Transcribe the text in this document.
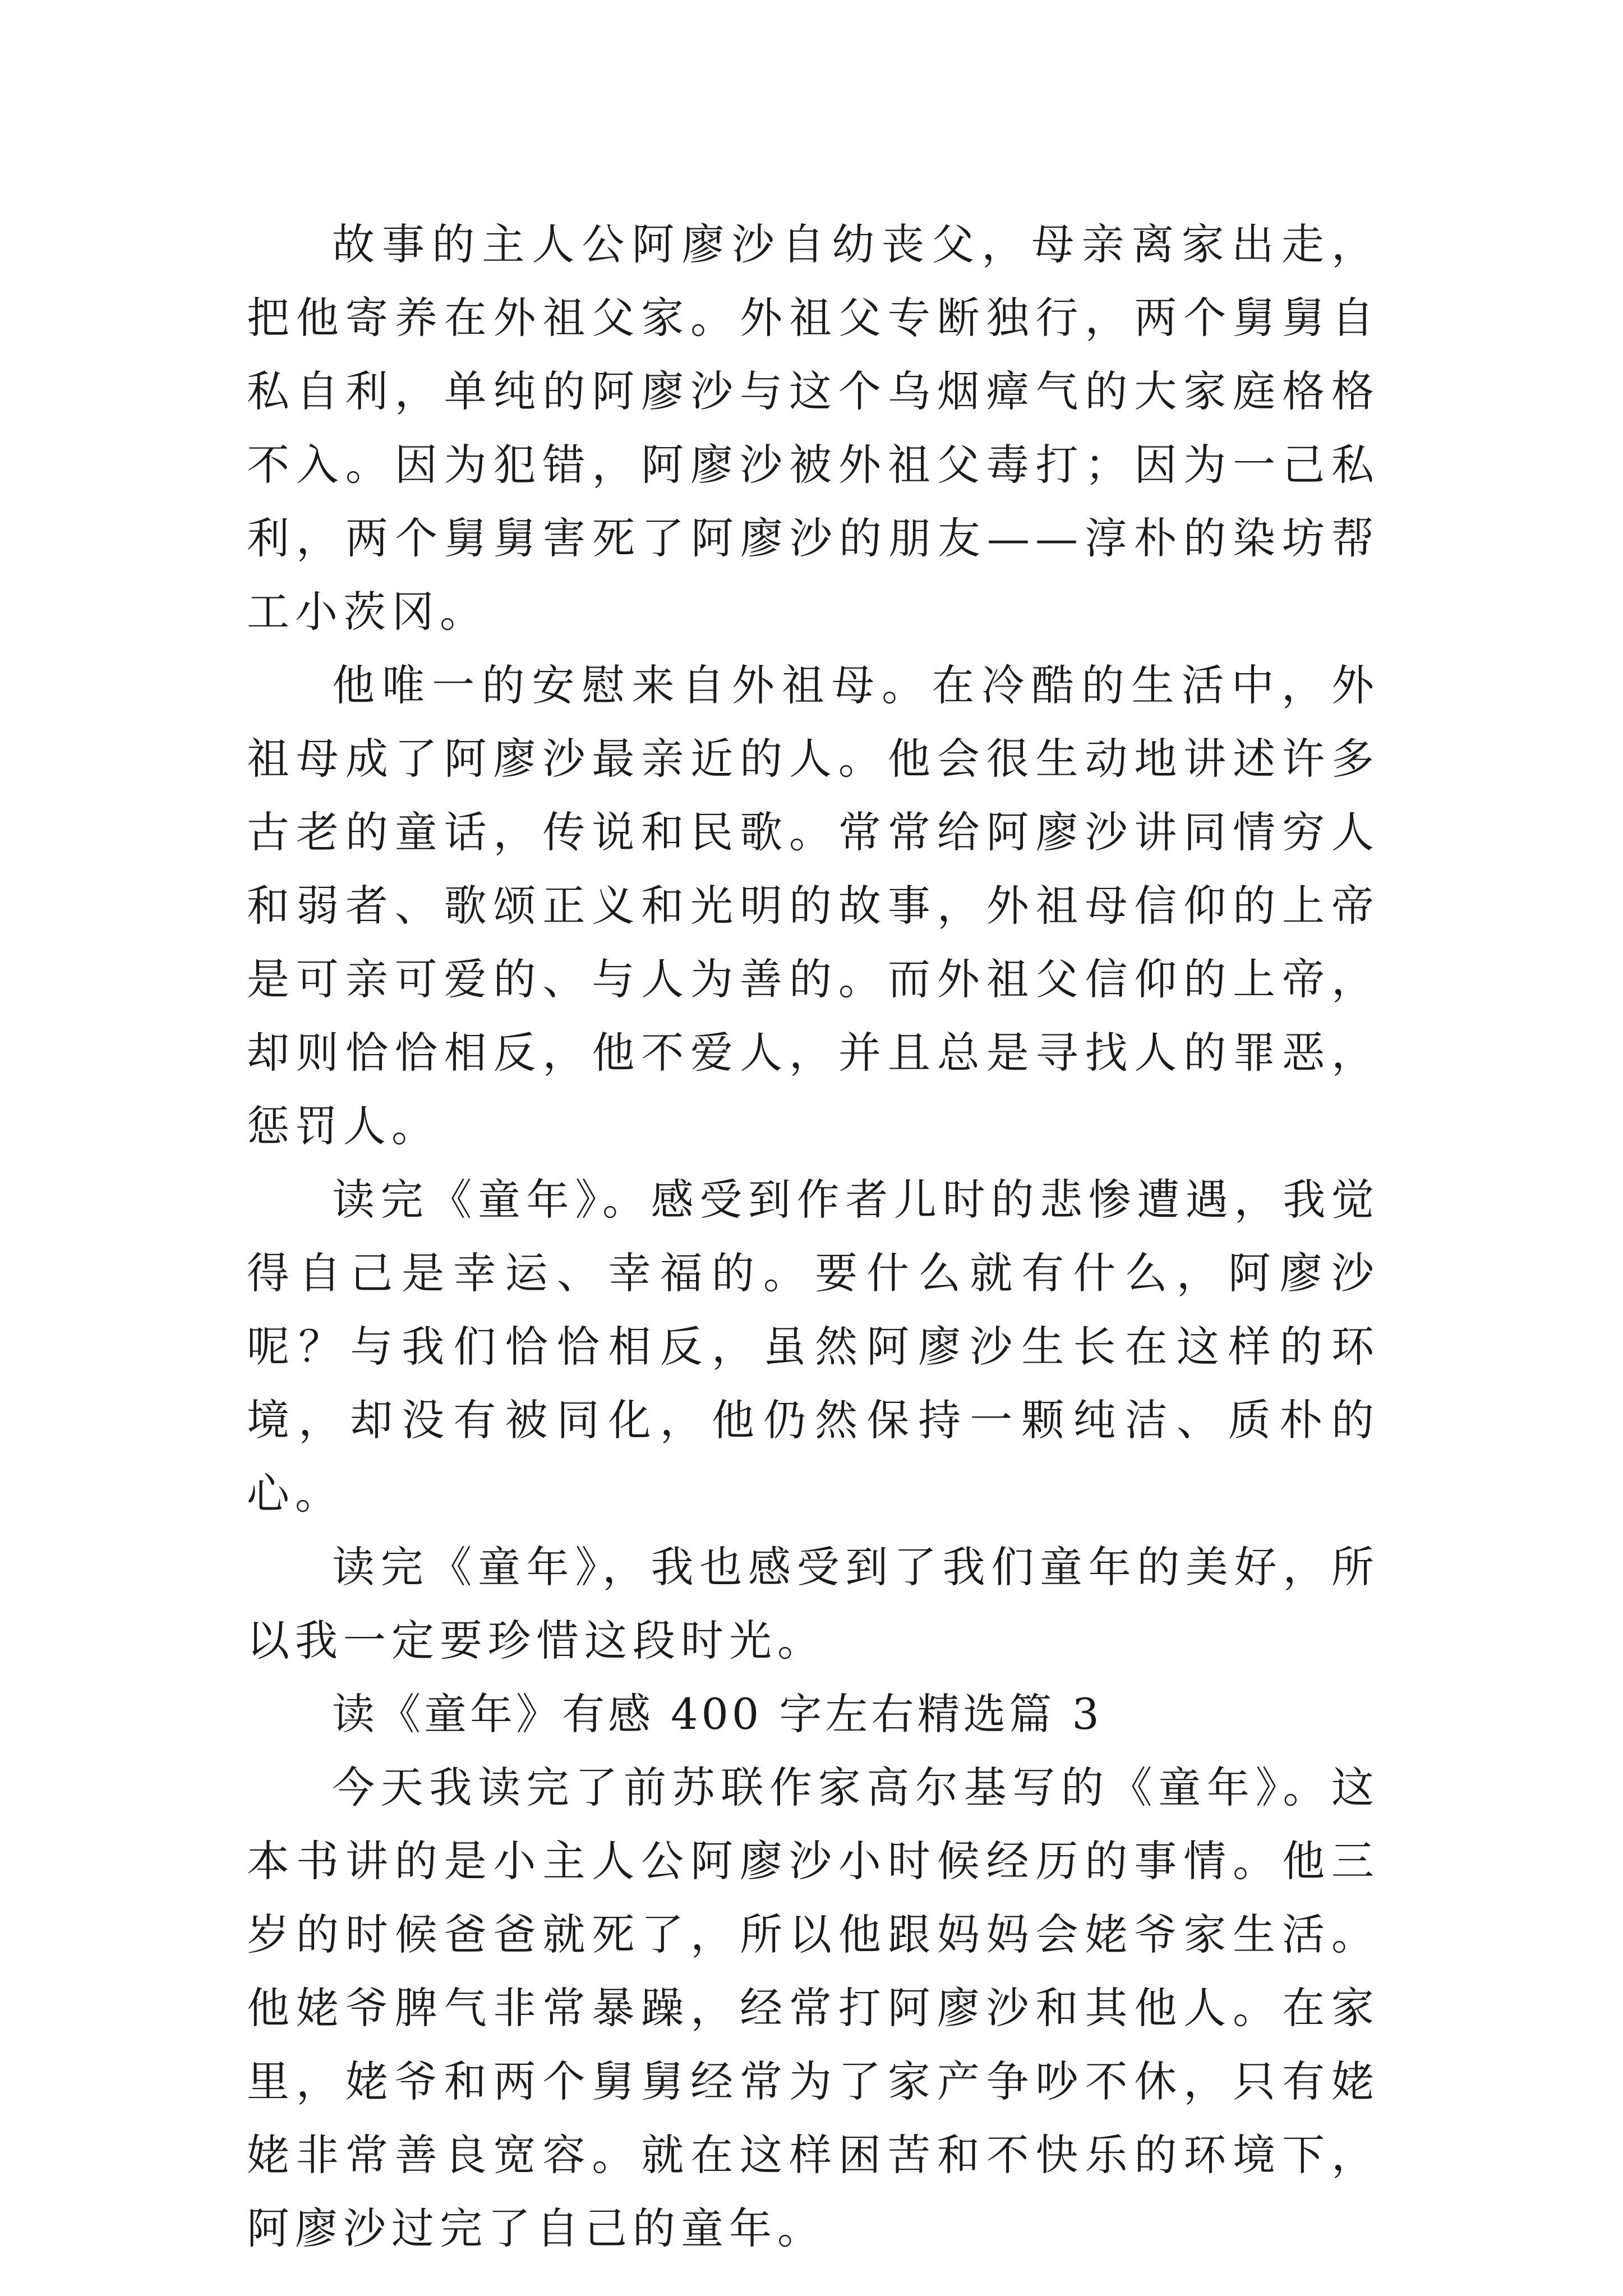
故事的主人公阿廖沙自幼丧父，母亲离家出走，把他寄养在外祖父家。外祖父专断独行，两个舅舅自私自利，单纯的阿廖沙与这个乌烟瘴气的大家庭格格不入。因为犯错，阿廖沙被外祖父毒打；因为一己私利，两个舅舅害死了阿廖沙的朋友——淳朴的染坊帮工小茨冈。

他唯一的安慰来自外祖母。在冷酷的生活中，外祖母成了阿廖沙最亲近的人。他会很生动地讲述许多古老的童话，传说和民歌。常常给阿廖沙讲同情穷人和弱者、歌颂正义和光明的故事，外祖母信仰的上帝是可亲可爱的、与人为善的。而外祖父信仰的上帝，却则恰恰相反，他不爱人，并且总是寻找人的罪恶，惩罚人。

读完《童年》。感受到作者儿时的悲惨遭遇，我觉得自己是幸运、幸福的。要什么就有什么，阿廖沙呢？与我们恰恰相反，虽然阿廖沙生长在这样的环境，却没有被同化，他仍然保持一颗纯洁、质朴的心。

读完《童年》，我也感受到了我们童年的美好，所以我一定要珍惜这段时光。

读《童年》有感 400 字左右精选篇 3

今天我读完了前苏联作家高尔基写的《童年》。这本书讲的是小主人公阿廖沙小时候经历的事情。他三岁的时候爸爸就死了，所以他跟妈妈会姥爷家生活。他姥爷脾气非常暴躁，经常打阿廖沙和其他人。在家里，姥爷和两个舅舅经常为了家产争吵不休，只有姥姥非常善良宽容。就在这样困苦和不快乐的环境下，阿廖沙过完了自己的童年。
